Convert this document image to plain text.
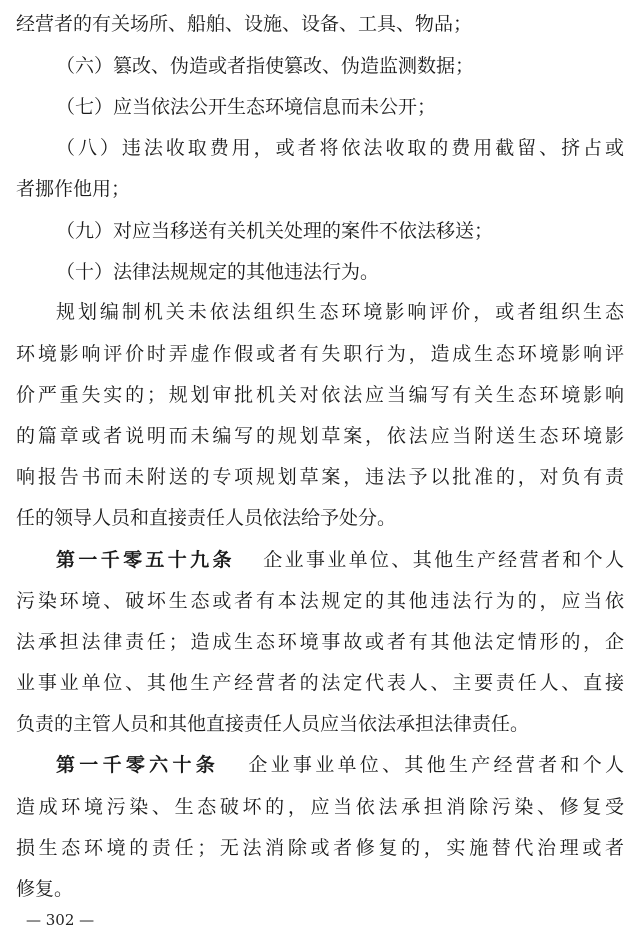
经营者的有关场所、船舶、设施、设备、工具、物品；
（六）篡改、伪造或者指使篡改、伪造监测数据；
（七）应当依法公开生态环境信息而未公开；
（八）违法收取费用，或者将依法收取的费用截留、挤占或
者挪作他用；
（九）对应当移送有关机关处理的案件不依法移送；
（十）法律法规规定的其他违法行为。
规划编制机关未依法组织生态环境影响评价，或者组织生态
环境影响评价时弄虚作假或者有失职行为，造成生态环境影响评
价严重失实的；规划审批机关对依法应当编写有关生态环境影响
的篇章或者说明而未编写的规划草案，依法应当附送生态环境影
响报告书而未附送的专项规划草案，违法予以批准的，对负有责
任的领导人员和直接责任人员依法给予处分。
第一千零五十九条 企业事业单位、其他生产经营者和个人
污染环境、破坏生态或者有本法规定的其他违法行为的，应当依
法承担法律责任；造成生态环境事故或者有其他法定情形的，企
业事业单位、其他生产经营者的法定代表人、主要责任人、直接
负责的主管人员和其他直接责任人员应当依法承担法律责任。
第一千零六十条 企业事业单位、其他生产经营者和个人
造成环境污染、生态破坏的，应当依法承担消除污染、修复受
损生态环境的责任；无法消除或者修复的，实施替代治理或者
修复。
— 302 —
